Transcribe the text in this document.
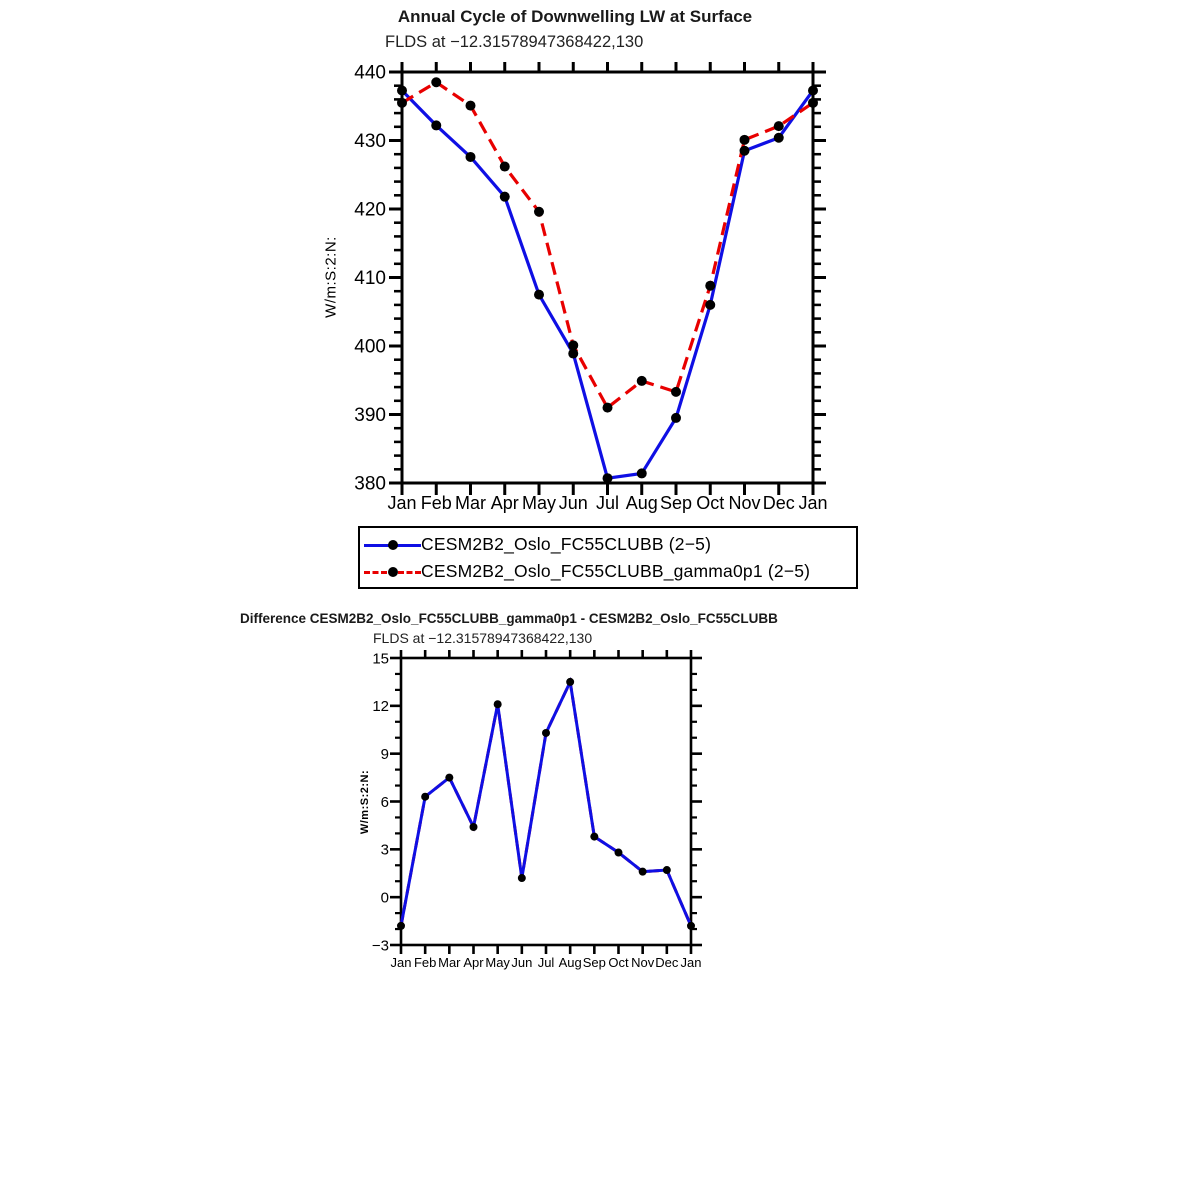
Annual Cycle of Downwelling LW at Surface
FLDS at −12.31578947368422,130
W/m:S:2:N:
Jan Feb Mar Apr May Jun Jul Aug Sep Oct Nov Dec Jan
380
390
400
410
420
430
440
CESM2B2_Oslo_FC55CLUBB (2−5)
CESM2B2_Oslo_FC55CLUBB_gamma0p1 (2−5)
Difference CESM2B2_Oslo_FC55CLUBB_gamma0p1 - CESM2B2_Oslo_FC55CLUBB
FLDS at −12.31578947368422,130
W/m:S:2:N:
Jan Feb Mar Apr May Jun Jul Aug Sep Oct Nov Dec Jan
−3
0
3
6
9
12
15
